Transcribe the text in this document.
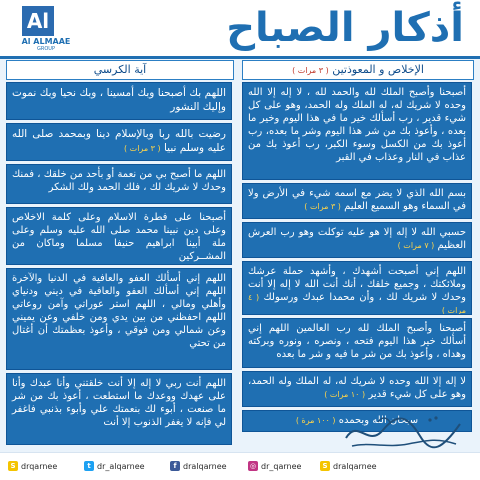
Al
Al ALMAAE
GROUP	أذكار الصباح
الإخلاص و المعوذتين ( ٣ مرات )
آية الكرسي
أصبحنا وأصبح الملك لله والحمد لله ، لا إله إلا الله وحده لا شريك له، له الملك وله الحمد، وهو على كل شيء قدير ، رب أسألك خير ما في هذا اليوم وخير ما بعده ، وأعوذ بك من شر هذا اليوم وشر ما بعده، رب أعوذ بك من الكسل وسوء الكبر، رب أعوذ بك من عذاب في النار وعذاب في القبر
بسم الله الذي لا يضر مع اسمه شيء في الأرض ولا في السماء وهو السميع العليم ( ٣ مرات )
حسبي الله لا إله إلا هو عليه توكلت وهو رب العرش العظيم ( ٧ مرات )
اللهم إني أصبحت أشهدك ، وأشهد حملة عرشك وملائكتك ، وجميع خلقك ، أنك أنت الله لا إله إلا أنت وحدك لا شريك لك ، وأن محمدا عبدك ورسولك ( ٤ مرات )
أصبحنا وأصبح الملك لله رب العالمين اللهم إني أسألك خير هذا اليوم فتحه ، ونصره ، ونوره وبركته وهداه ، وأعوذ بك من شر ما فيه و شر ما بعده
لا إله إلا الله وحده لا شريك له، له الملك وله الحمد، وهو على كل شيء قدير ( ١٠ مرات )
سبحان الله وبحمده ( ١٠٠ مرة )
اللهم بك أصبحنا وبك أمسينا ، وبك نحيا وبك نموت وإليك النشور
رضيت بالله ربا وبالإسلام دينا وبمحمد صلى الله عليه وسلم نبيا ( ٣ مرات )
اللهم ما أصبح بي من نعمة أو بأحد من خلقك ، فمنك وحدك لا شريك لك ، فلك الحمد ولك الشكر
أصبحنا على فطرة الاسلام وعلى كلمة الاخلاص وعلى دين نبينا محمد صلى الله عليه وسلم وعلى ملة أبينا ابراهيم حنيفا مسلما وماكان من المشــركين
اللهم إني أسألك العفو والعافية في الدنيا والآخرة اللهم إني أسألك العفو والعافية في ديني ودنياي وأهلي ومالي ، اللهم استر عوراتي وآمن روعاتي اللهم احفظني من بين يدي ومن خلفي وعن يميني وعن شمالي ومن فوقي ، وأعوذ بعظمتك أن أغتال من تحتي
اللهم أنت ربي لا إله إلا أنت خلقتني وأنا عبدك وأنا على عهدك ووعدك ما استطعت ، أعوذ بك من شر ما صنعت ، أبوء لك بنعمتك علي وأبوء بذنبي فاغفر لي فإنه لا يغفر الذنوب إلا أنت
S drqarnee	t dr_alqarnee	f dralqarnee	◎ dr_qarnee	S dralqarnee
